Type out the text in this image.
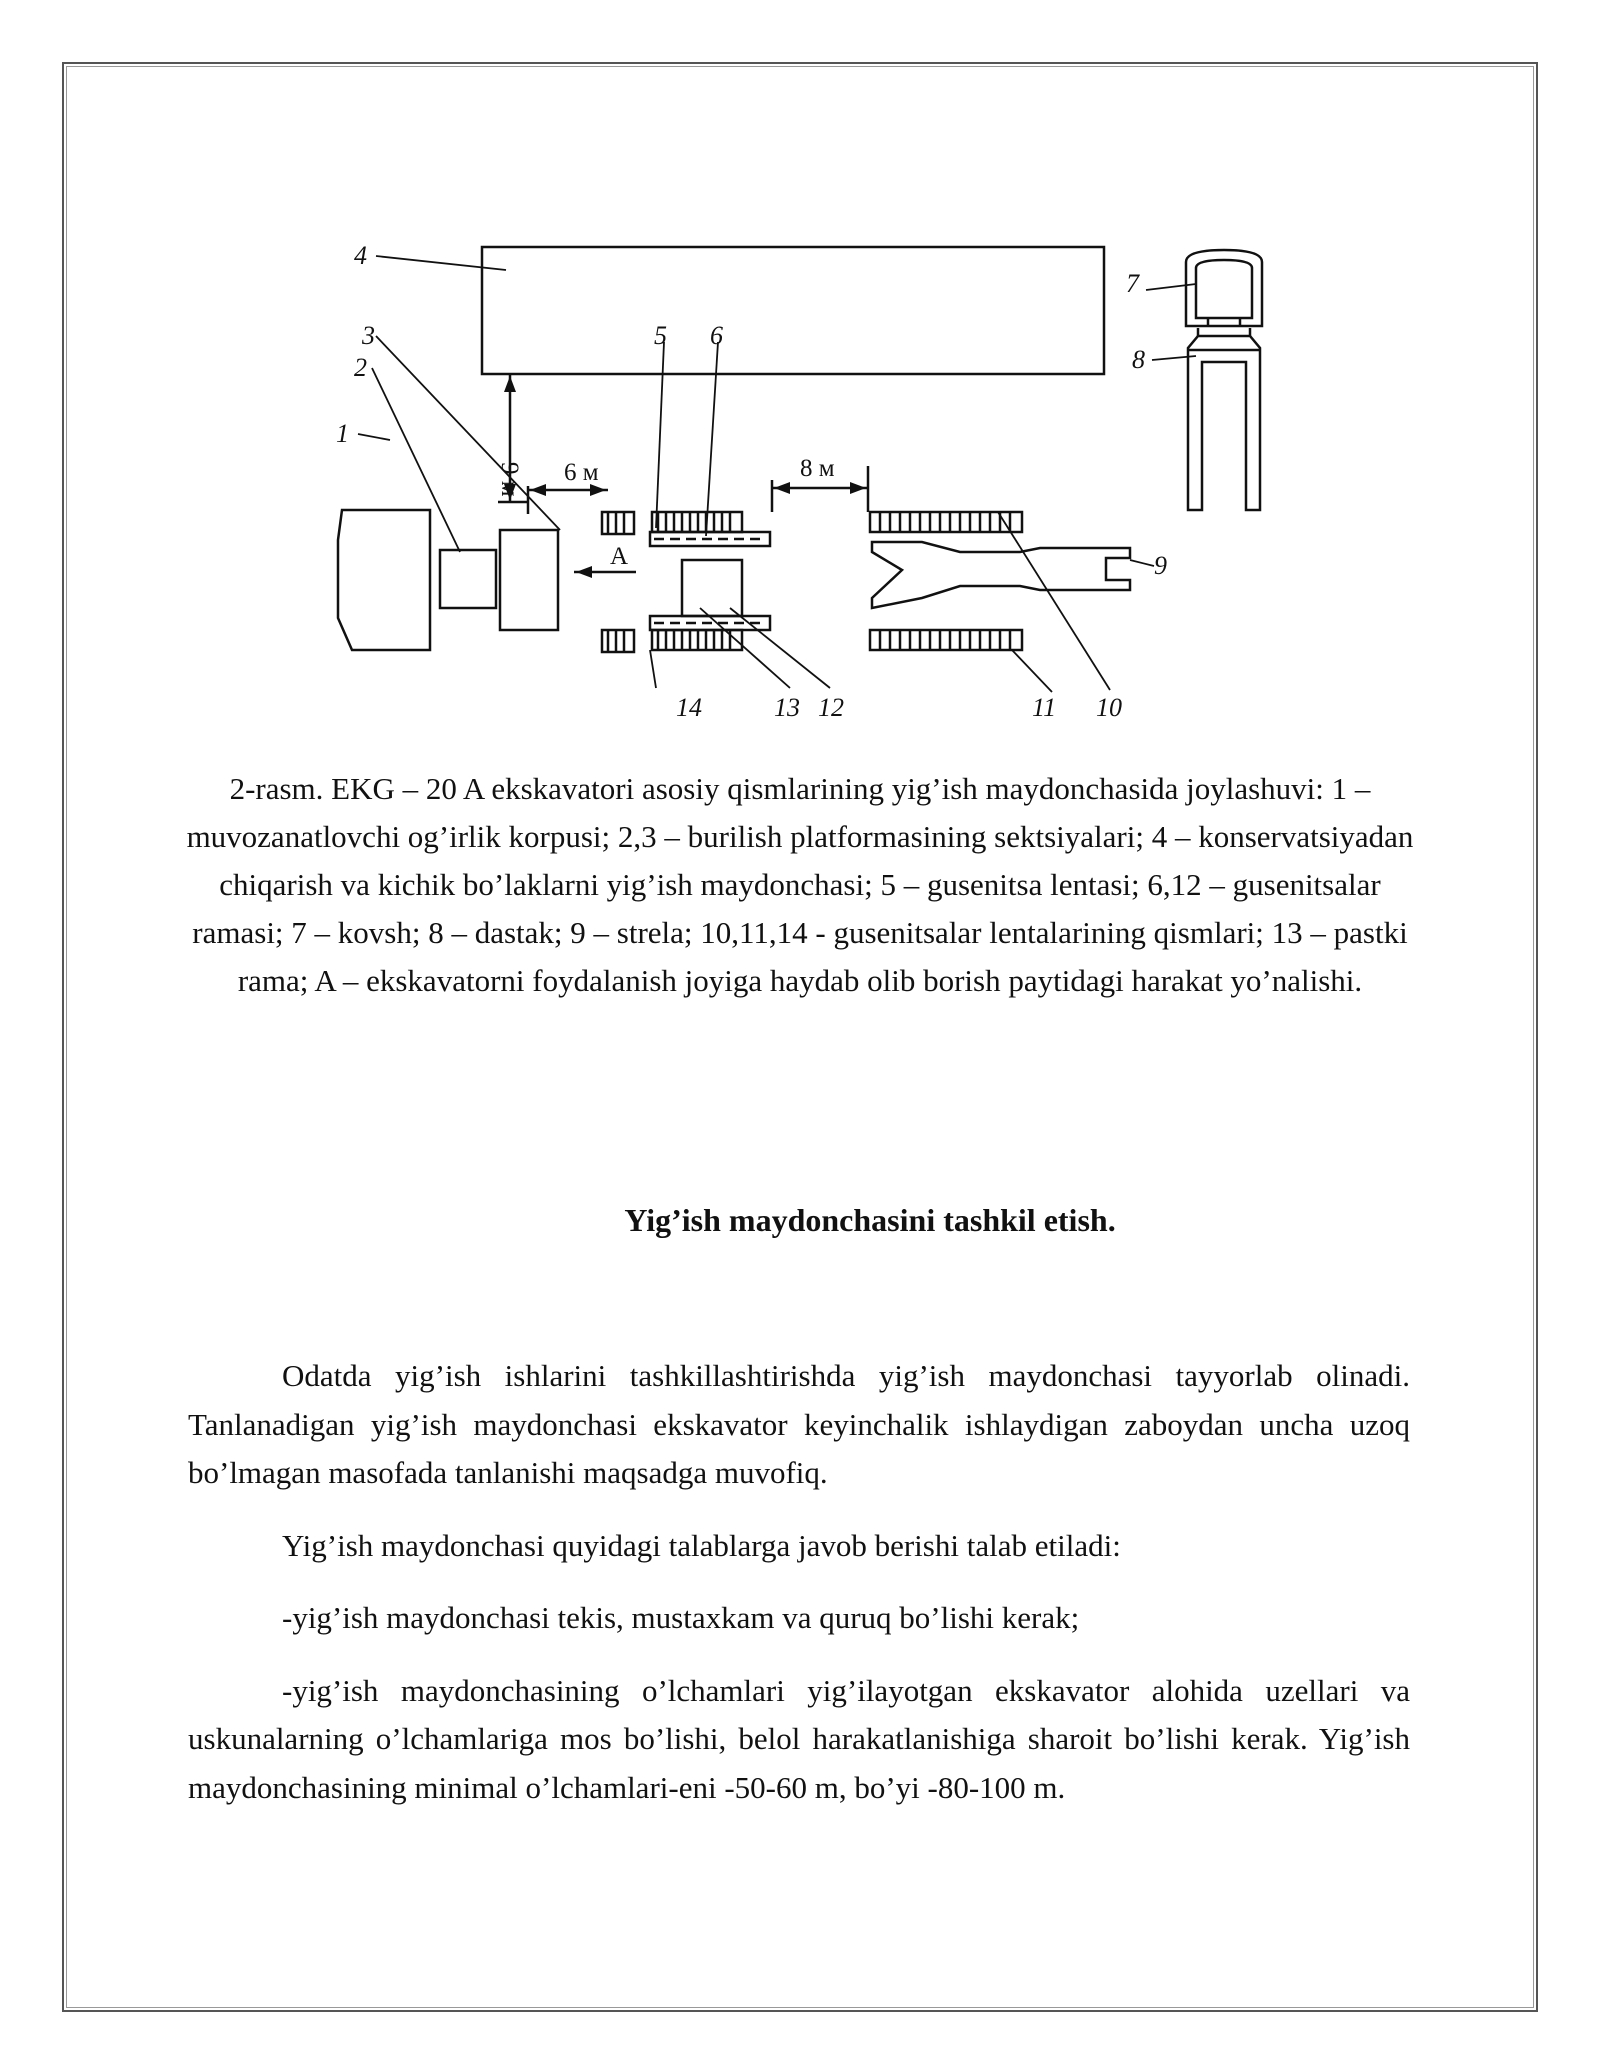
4
3
2
1
5 6
7
8
9
10
11
12
13
14
6 м	8 м
9 м
A
2-rasm. EKG – 20 A ekskavatori asosiy qismlarining yig’ish maydonchasida joylashuvi: 1 – muvozanatlovchi og’irlik korpusi; 2,3 – burilish platformasining sektsiyalari; 4 – konservatsiyadan chiqarish va kichik bo’laklarni yig’ish maydonchasi; 5 – gusenitsa lentasi; 6,12 – gusenitsalar ramasi; 7 – kovsh; 8 – dastak; 9 – strela; 10,11,14 - gusenitsalar lentalarining qismlari; 13 – pastki rama; A – ekskavatorni foydalanish joyiga haydab olib borish paytidagi harakat yo’nalishi.
Yig’ish maydonchasini tashkil etish.

Odatda yig’ish ishlarini tashkillashtirishda yig’ish maydonchasi tayyorlab olinadi. Tanlanadigan yig’ish maydonchasi ekskavator keyinchalik ishlaydigan zaboydan uncha uzoq bo’lmagan masofada tanlanishi maqsadga muvofiq.

Yig’ish maydonchasi quyidagi talablarga javob berishi talab etiladi:

-yig’ish maydonchasi tekis, mustaxkam va quruq bo’lishi kerak;

-yig’ish maydonchasining o’lchamlari yig’ilayotgan ekskavator alohida uzellari va uskunalarning o’lchamlariga mos bo’lishi, belol harakatlanishiga sharoit bo’lishi kerak. Yig’ish maydonchasining minimal o’lchamlari-eni -50-60 m, bo’yi -80-100 m.
